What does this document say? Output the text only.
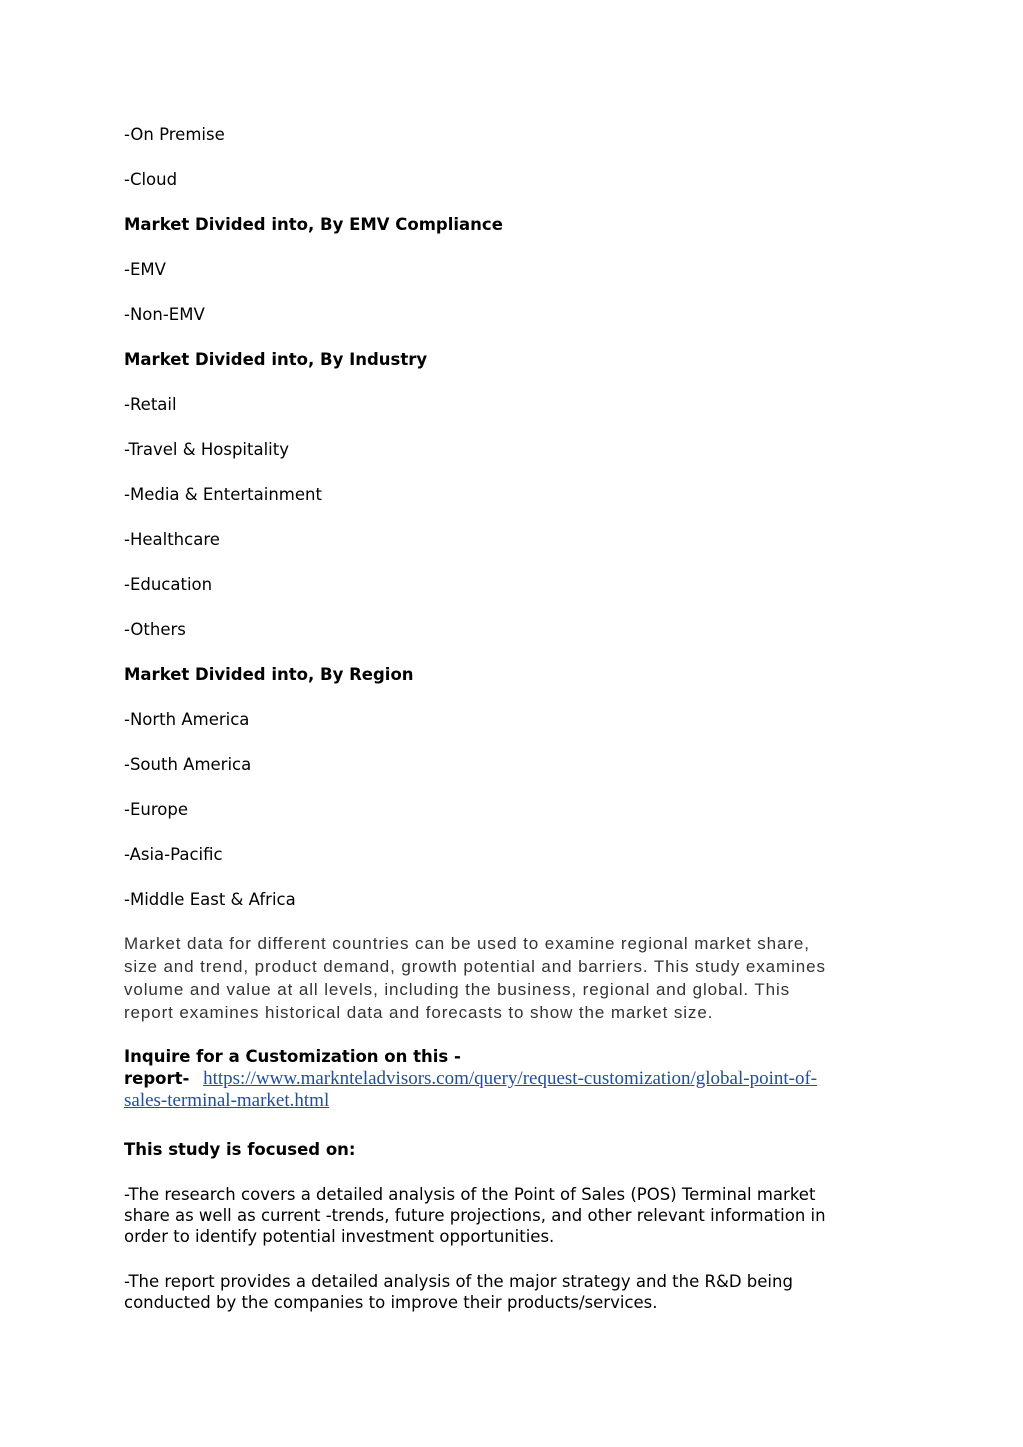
-On Premise
-Cloud
Market Divided into, By EMV Compliance
-EMV
-Non-EMV
Market Divided into, By Industry
-Retail
-Travel & Hospitality
-Media & Entertainment
-Healthcare
-Education
-Others
Market Divided into, By Region
-North America
-South America
-Europe
-Asia-Pacific
-Middle East & Africa
Market data for different countries can be used to examine regional market share,
size and trend, product demand, growth potential and barriers. This study examines
volume and value at all levels, including the business, regional and global. This
report examines historical data and forecasts to show the market size.
Inquire for a Customization on this -
report- https://www.marknteladvisors.com/query/request-customization/global-point-of-
sales-terminal-market.html
This study is focused on:
-The research covers a detailed analysis of the Point of Sales (POS) Terminal market
share as well as current -trends, future projections, and other relevant information in
order to identify potential investment opportunities.
-The report provides a detailed analysis of the major strategy and the R&D being
conducted by the companies to improve their products/services.
